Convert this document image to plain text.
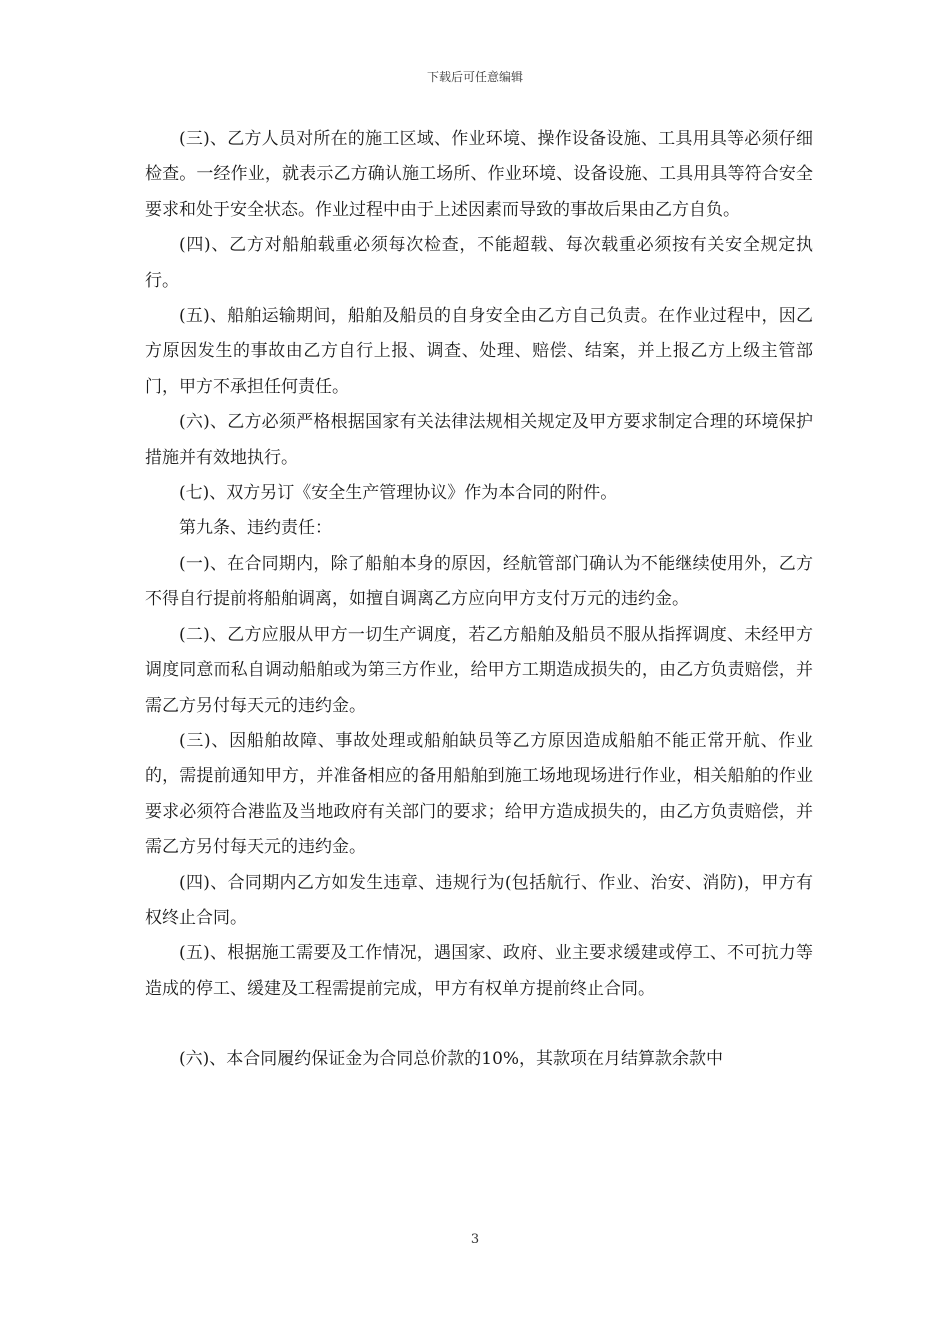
下载后可任意编辑

(三)、乙方人员对所在的施工区域、作业环境、操作设备设施、工具用具等必须仔细检查。一经作业，就表示乙方确认施工场所、作业环境、设备设施、工具用具等符合安全要求和处于安全状态。作业过程中由于上述因素而导致的事故后果由乙方自负。

(四)、乙方对船舶载重必须每次检查，不能超载、每次载重必须按有关安全规定执行。

(五)、船舶运输期间，船舶及船员的自身安全由乙方自己负责。在作业过程中，因乙方原因发生的事故由乙方自行上报、调查、处理、赔偿、结案，并上报乙方上级主管部门，甲方不承担任何责任。

(六)、乙方必须严格根据国家有关法律法规相关规定及甲方要求制定合理的环境保护措施并有效地执行。

(七)、双方另订《安全生产管理协议》作为本合同的附件。

第九条、违约责任：

(一)、在合同期内，除了船舶本身的原因，经航管部门确认为不能继续使用外，乙方不得自行提前将船舶调离，如擅自调离乙方应向甲方支付万元的违约金。

(二)、乙方应服从甲方一切生产调度，若乙方船舶及船员不服从指挥调度、未经甲方调度同意而私自调动船舶或为第三方作业，给甲方工期造成损失的，由乙方负责赔偿，并需乙方另付每天元的违约金。

(三)、因船舶故障、事故处理或船舶缺员等乙方原因造成船舶不能正常开航、作业的，需提前通知甲方，并准备相应的备用船舶到施工场地现场进行作业，相关船舶的作业要求必须符合港监及当地政府有关部门的要求；给甲方造成损失的，由乙方负责赔偿，并需乙方另付每天元的违约金。

(四)、合同期内乙方如发生违章、违规行为(包括航行、作业、治安、消防)，甲方有权终止合同。

(五)、根据施工需要及工作情况，遇国家、政府、业主要求缓建或停工、不可抗力等造成的停工、缓建及工程需提前完成，甲方有权单方提前终止合同。

(六)、本合同履约保证金为合同总价款的10%，其款项在月结算款余款中

3
